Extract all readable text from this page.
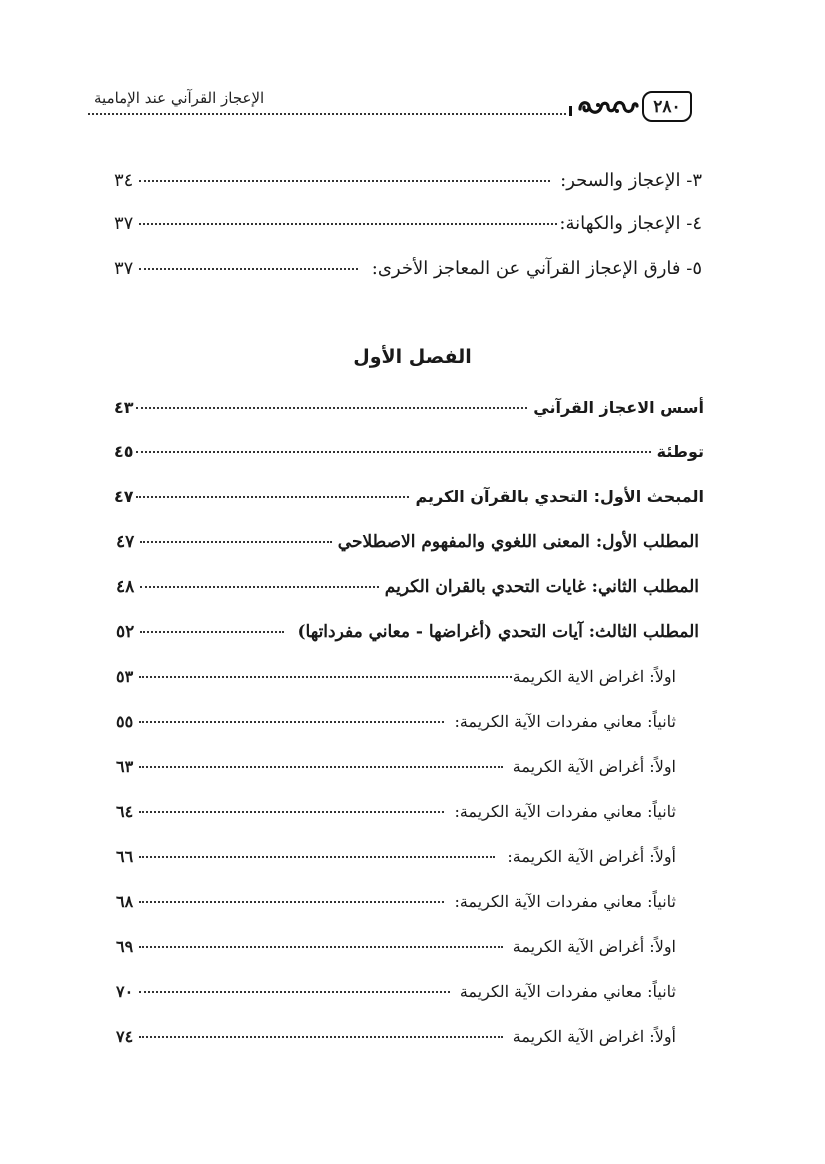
الإعجاز القرآني عند الإمامية	٢٨٠
٣٤	٣- الإعجاز والسحر:
٣٧	٤- الإعجاز والكهانة:
٣٧	٥- فارق الإعجاز القرآني عن المعاجز الأخرى:
الفصل الأول
٤٣	أسس الاعجاز القرآني
٤٥	توطئة
٤٧	المبحث الأول: التحدي بالقرآن الكريم
٤٧	المطلب الأول: المعنى اللغوي والمفهوم الاصطلاحي
٤٨	المطلب الثاني: غايات التحدي بالقران الكريم
٥٢	المطلب الثالث: آيات التحدي (أغراضها - معاني مفرداتها)
٥٣	اولاً: اغراض الاية الكريمة
٥٥	ثانياً: معاني مفردات الآية الكريمة:
٦٣	اولاً: أغراض الآية الكريمة
٦٤	ثانياً: معاني مفردات الآية الكريمة:
٦٦	أولاً: أغراض الآية الكريمة:
٦٨	ثانياً: معاني مفردات الآية الكريمة:
٦٩	اولاً: أغراض الآية الكريمة
٧٠	ثانياً: معاني مفردات الآية الكريمة
٧٤	أولاً: اغراض الآية الكريمة
